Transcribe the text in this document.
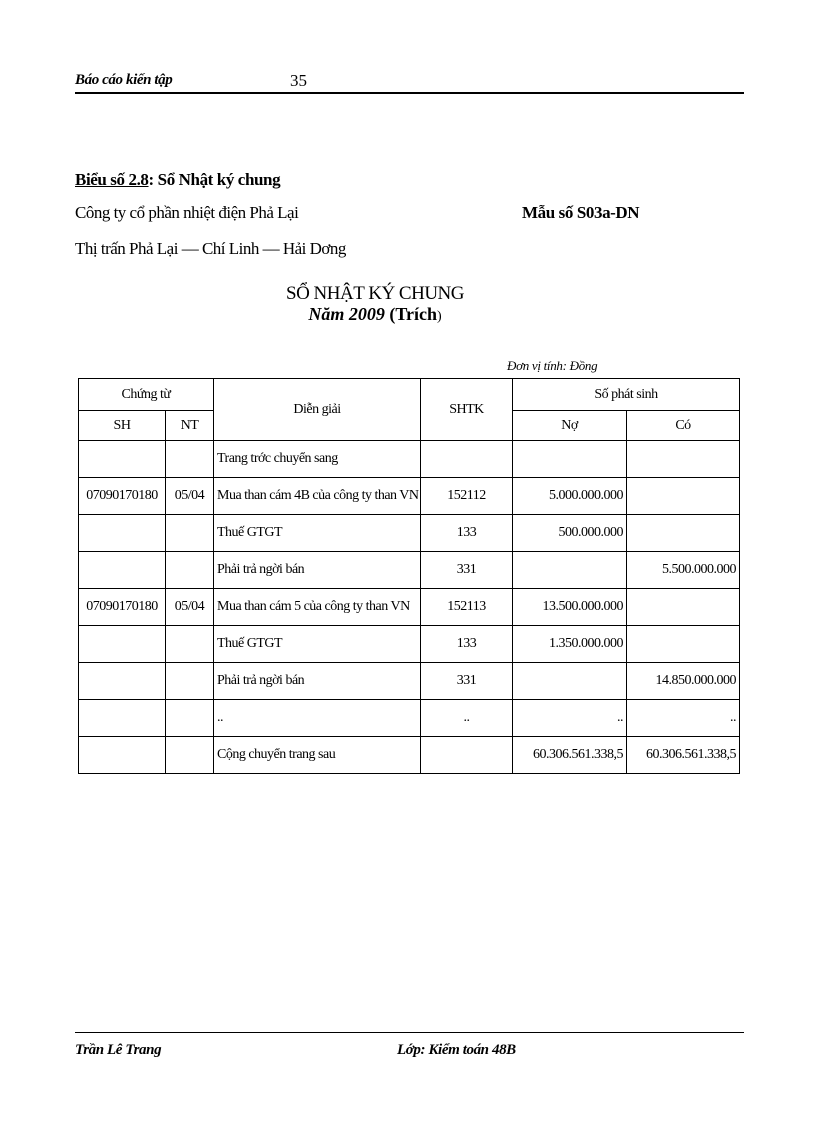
Báo cáo kiến tập	35
Biểu số 2.8: Sổ Nhật ký chung
Công ty cổ phần nhiệt điện Phả Lại	Mẫu số S03a-DN
Thị trấn Phả Lại — Chí Linh — Hải Dơng
SỔ NHẬT KÝ CHUNG
Năm 2009 (Trích)
Đơn vị tính: Đồng
Chứng từ		Diễn giải	SHTK	Số phát sinh	
SH	NT			Nợ	Có
		Trang trớc chuyển sang			
07090170180	05/04	Mua than cám 4B của công ty than VN	152112	5.000.000.000	
		Thuế GTGT	133	500.000.000	
		Phải trả ngời bán	331		5.500.000.000
07090170180	05/04	Mua than cám 5 của công ty than VN	152113	13.500.000.000	
		Thuế GTGT	133	1.350.000.000	
		Phải trả ngời bán	331		14.850.000.000
		..	..	..	..
		Cộng chuyển trang sau		60.306.561.338,5	60.306.561.338,5
Trần Lê Trang	Lớp: Kiểm toán 48B
